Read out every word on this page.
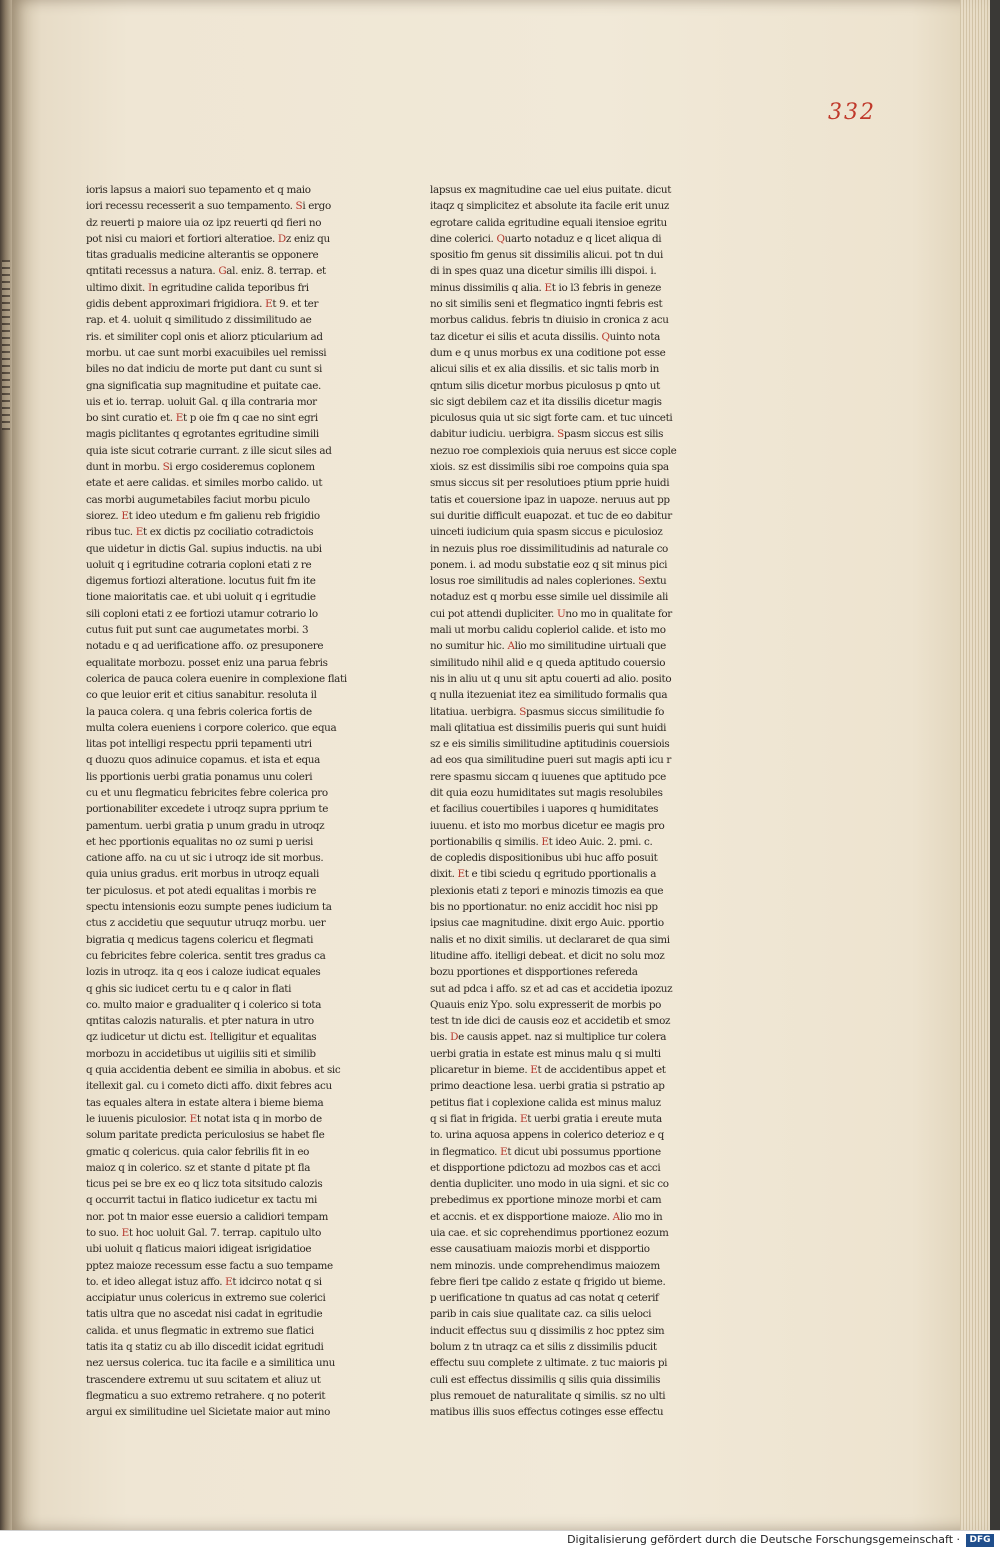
332
ioris lapsus a maiori suo tepamento et q maio
iori recessu recesserit a suo tempamento. Si ergo
dz reuerti p maiore uia oz ipz reuerti qd fieri no
pot nisi cu maiori et fortiori alteratioe. Dz eniz qu
titas gradualis medicine alterantis se opponere
qntitati recessus a natura. Gal. eniz. 8. terrap. et
ultimo dixit. In egritudine calida teporibus fri
gidis debent approximari frigidiora. Et 9. et ter
rap. et 4. uoluit q similitudo z dissimilitudo ae
ris. et similiter copl onis et aliorz pticularium ad
morbu. ut cae sunt morbi exacuibiles uel remissi
biles no dat indiciu de morte put dant cu sunt si
gna significatia sup magnitudine et puitate cae.
uis et io. terrap. uoluit Gal. q illa contraria mor
bo sint curatio et. Et p oie fm q cae no sint egri
magis piclitantes q egrotantes egritudine simili
quia iste sicut cotrarie currant. z ille sicut siles ad
dunt in morbu. Si ergo cosideremus coplonem
etate et aere calidas. et similes morbo calido. ut
cas morbi augumetabiles faciut morbu piculo
siorez. Et ideo utedum e fm galienu reb frigidio
ribus tuc. Et ex dictis pz cociliatio cotradictois
que uidetur in dictis Gal. supius inductis. na ubi
uoluit q i egritudine cotraria coploni etati z re
digemus fortiozi alteratione. locutus fuit fm ite
tione maioritatis cae. et ubi uoluit q i egritudie
sili coploni etati z ee fortiozi utamur cotrario lo
cutus fuit put sunt cae augumetates morbi. 3
notadu e q ad uerificatione affo. oz presuponere
equalitate morbozu. posset eniz una parua febris
colerica de pauca colera euenire in complexione flati
co que leuior erit et citius sanabitur. resoluta il
la pauca colera. q una febris colerica fortis de
multa colera eueniens i corpore colerico. que equa
litas pot intelligi respectu pprii tepamenti utri
q duozu quos adinuice copamus. et ista et equa
lis pportionis uerbi gratia ponamus unu coleri
cu et unu flegmaticu febricites febre colerica pro
portionabiliter excedete i utroqz supra pprium te
pamentum. uerbi gratia p unum gradu in utroqz
et hec pportionis equalitas no oz sumi p uerisi
catione affo. na cu ut sic i utroqz ide sit morbus.
quia unius gradus. erit morbus in utroqz equali
ter piculosus. et pot atedi equalitas i morbis re
spectu intensionis eozu sumpte penes iudicium ta
ctus z accidetiu que sequutur utruqz morbu. uer
bigratia q medicus tagens colericu et flegmati
cu febricites febre colerica. sentit tres gradus ca
lozis in utroqz. ita q eos i caloze iudicat equales
q ghis sic iudicet certu tu e q calor in flati
co. multo maior e gradualiter q i colerico si tota
qntitas calozis naturalis. et pter natura in utro
qz iudicetur ut dictu est. Itelligitur et equalitas
morbozu in accidetibus ut uigiliis siti et similib
q quia accidentia debent ee similia in abobus. et sic
itellexit gal. cu i cometo dicti affo. dixit febres acu
tas equales altera in estate altera i bieme biema
le iuuenis piculosior. Et notat ista q in morbo de
solum paritate predicta periculosius se habet fle
gmatic q colericus. quia calor febrilis fit in eo
maioz q in colerico. sz et stante d pitate pt fla
ticus pei se bre ex eo q licz tota sitsitudo calozis
q occurrit tactui in flatico iudicetur ex tactu mi
nor. pot tn maior esse euersio a calidiori tempam
to suo. Et hoc uoluit Gal. 7. terrap. capitulo ulto
ubi uoluit q flaticus maiori idigeat isrigidatioe
pptez maioze recessum esse factu a suo tempame
to. et ideo allegat istuz affo. Et idcirco notat q si
accipiatur unus colericus in extremo sue colerici
tatis ultra que no ascedat nisi cadat in egritudie
calida. et unus flegmatic in extremo sue flatici
tatis ita q statiz cu ab illo discedit icidat egritudi
nez uersus colerica. tuc ita facile e a similitica unu
trascendere extremu ut suu scitatem et aliuz ut
flegmaticu a suo extremo retrahere. q no poterit
argui ex similitudine uel Sicietate maior aut mino
lapsus ex magnitudine cae uel eius puitate. dicut
itaqz q simplicitez et absolute ita facile erit unuz
egrotare calida egritudine equali itensioe egritu
dine colerici. Quarto notaduz e q licet aliqua di
spositio fm genus sit dissimilis alicui. pot tn dui
di in spes quaz una dicetur similis illi dispoi. i.
minus dissimilis q alia. Et io l3 febris in geneze
no sit similis seni et flegmatico ingnti febris est
morbus calidus. febris tn diuisio in cronica z acu
taz dicetur ei silis et acuta dissilis. Quinto nota
dum e q unus morbus ex una coditione pot esse
alicui silis et ex alia dissilis. et sic talis morb in
qntum silis dicetur morbus piculosus p qnto ut
sic sigt debilem caz et ita dissilis dicetur magis
piculosus quia ut sic sigt forte cam. et tuc uinceti
dabitur iudiciu. uerbigra. Spasm siccus est silis
nezuo roe complexiois quia neruus est sicce cople
xiois. sz est dissimilis sibi roe compoins quia spa
smus siccus sit per resolutioes ptium pprie huidi
tatis et couersione ipaz in uapoze. neruus aut pp
sui duritie difficult euapozat. et tuc de eo dabitur
uinceti iudicium quia spasm siccus e piculosioz
in nezuis plus roe dissimilitudinis ad naturale co
ponem. i. ad modu substatie eoz q sit minus pici
losus roe similitudis ad nales copleriones. Sextu
notaduz est q morbu esse simile uel dissimile ali
cui pot attendi dupliciter. Uno mo in qualitate for
mali ut morbu calidu copleriol calide. et isto mo
no sumitur hic. Alio mo similitudine uirtuali que
similitudo nihil alid e q queda aptitudo couersio
nis in aliu ut q unu sit aptu couerti ad alio. posito
q nulla itezueniat itez ea similitudo formalis qua
litatiua. uerbigra. Spasmus siccus similitudie fo
mali qlitatiua est dissimilis pueris qui sunt huidi
sz e eis similis similitudine aptitudinis couersiois
ad eos qua similitudine pueri sut magis apti icu r
rere spasmu siccam q iuuenes que aptitudo pce
dit quia eozu humiditates sut magis resolubiles
et facilius couertibiles i uapores q humiditates
iuuenu. et isto mo morbus dicetur ee magis pro
portionabilis q similis. Et ideo Auic. 2. pmi. c.
de copledis dispositionibus ubi huc affo posuit
dixit. Et e tibi sciedu q egritudo pportionalis a
plexionis etati z tepori e minozis timozis ea que
bis no pportionatur. no eniz accidit hoc nisi pp
ipsius cae magnitudine. dixit ergo Auic. pportio
nalis et no dixit similis. ut declararet de qua simi
litudine affo. itelligi debeat. et dicit no solu moz
bozu pportiones et dispportiones refereda
sut ad pdca i affo. sz et ad cas et accidetia ipozuz
Quauis eniz Ypo. solu expresserit de morbis po
test tn ide dici de causis eoz et accidetib et smoz
bis. De causis appet. naz si multiplice tur colera
uerbi gratia in estate est minus malu q si multi
plicaretur in bieme. Et de accidentibus appet et
primo deactione lesa. uerbi gratia si pstratio ap
petitus fiat i coplexione calida est minus maluz
q si fiat in frigida. Et uerbi gratia i ereute muta
to. urina aquosa appens in colerico deterioz e q
in flegmatico. Et dicut ubi possumus pportione
et dispportione pdictozu ad mozbos cas et acci
dentia dupliciter. uno modo in uia signi. et sic co
prebedimus ex pportione minoze morbi et cam
et accnis. et ex dispportione maioze. Alio mo in
uia cae. et sic coprehendimus pportionez eozum
esse causatiuam maiozis morbi et dispportio
nem minozis. unde comprehendimus maiozem
febre fieri tpe calido z estate q frigido ut bieme.
p uerificatione tn quatus ad cas notat q ceterif
parib in cais siue qualitate caz. ca silis ueloci
inducit effectus suu q dissimilis z hoc pptez sim
bolum z tn utraqz ca et silis z dissimilis pducit
effectu suu complete z ultimate. z tuc maioris pi
culi est effectus dissimilis q silis quia dissimilis
plus remouet de naturalitate q similis. sz no ulti
matibus illis suos effectus cotinges esse effectu
Digitalisierung gefördert durch die Deutsche Forschungsgemeinschaft ·	DFG
